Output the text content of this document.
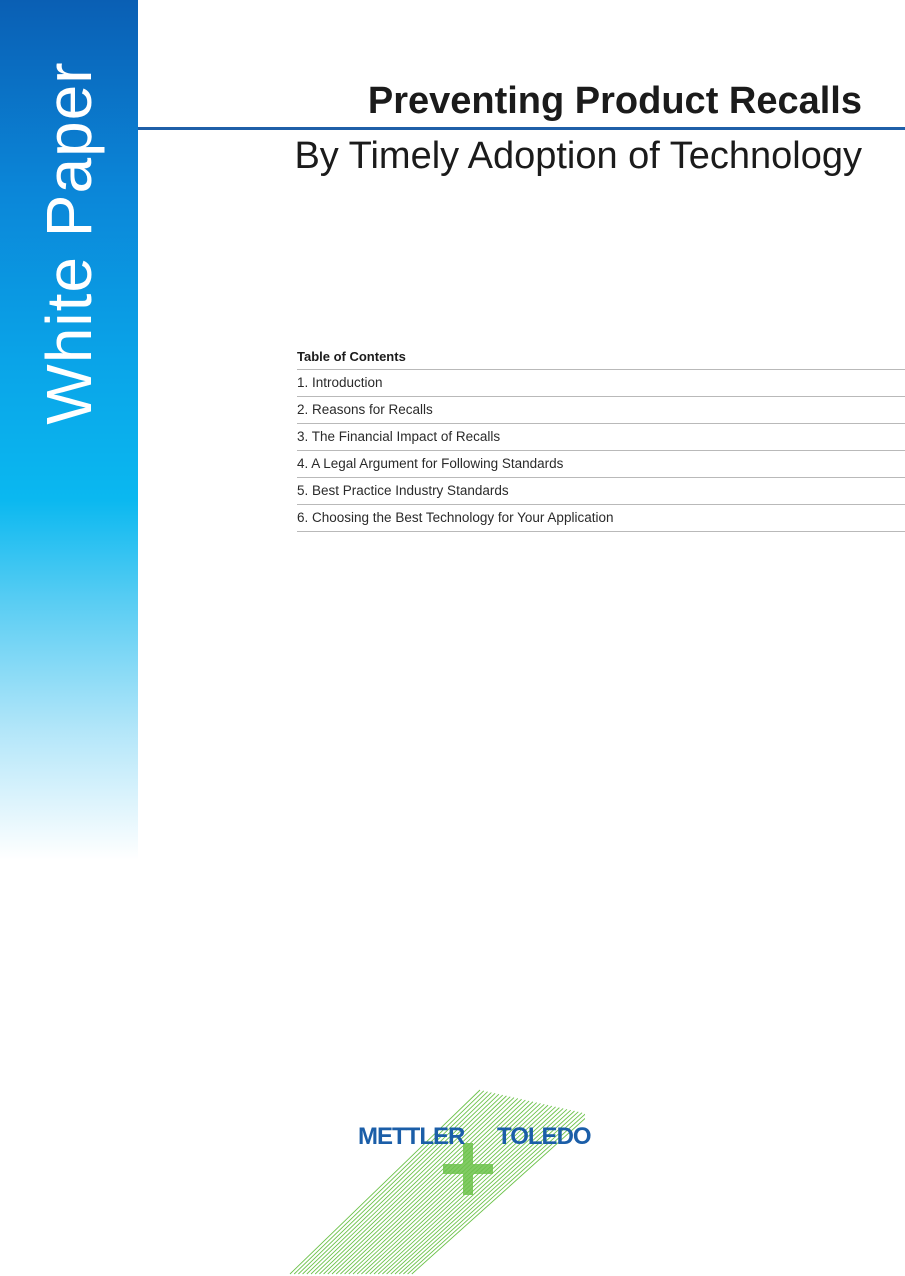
White Paper	Preventing Product Recalls
By Timely Adoption of Technology
Table of Contents
1. Introduction
2. Reasons for Recalls
3. The Financial Impact of Recalls
4. A Legal Argument for Following Standards
5. Best Practice Industry Standards
6. Choosing the Best Technology for Your Application
METTLER TOLEDO
